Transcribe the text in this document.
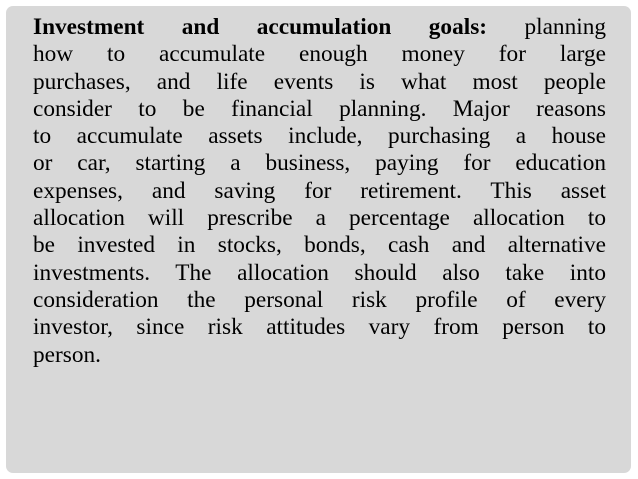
Investment and accumulation goals: planning
how to accumulate enough money for large
purchases, and life events is what most people
consider to be financial planning. Major reasons
to accumulate assets include, purchasing a house
or car, starting a business, paying for education
expenses, and saving for retirement. This asset
allocation will prescribe a percentage allocation to
be invested in stocks, bonds, cash and alternative
investments. The allocation should also take into
consideration the personal risk profile of every
investor, since risk attitudes vary from person to
person.
